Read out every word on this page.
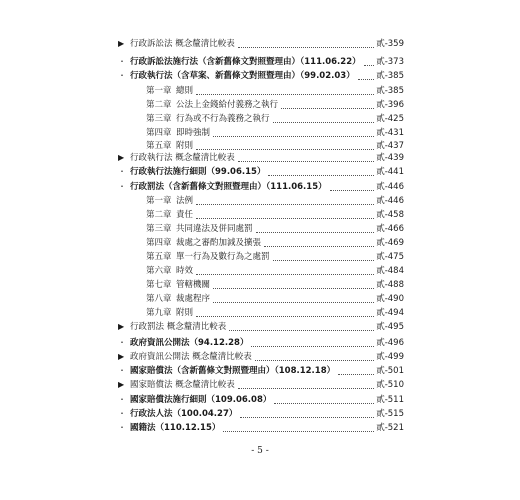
▶ 行政訴訟法 概念釐清比較表	貳-359
・ 行政訴訟法施行法（含新舊條文對照暨理由）（111.06.22） 貳-373
・ 行政執行法（含草案、新舊條文對照暨理由）（99.02.03）	貳-385
第一章 總則	貳-385
第二章 公法上金錢給付義務之執行	貳-396
第三章 行為或不行為義務之執行	貳-425
第四章 即時強制	貳-431
第五章 附則	貳-437
▶ 行政執行法 概念釐清比較表	貳-439
・ 行政執行法施行細則（99.06.15）	貳-441
・ 行政罰法（含新舊條文對照暨理由）（111.06.15）	貳-446
第一章 法例	貳-446
第二章 責任	貳-458
第三章 共同違法及併同處罰	貳-466
第四章 裁處之審酌加減及擴張	貳-469
第五章 單一行為及數行為之處罰	貳-475
第六章 時效	貳-484
第七章 管轄機關	貳-488
第八章 裁處程序	貳-490
第九章 附則	貳-494
▶ 行政罰法 概念釐清比較表	貳-495
・ 政府資訊公開法（94.12.28）	貳-496
▶ 政府資訊公開法 概念釐清比較表	貳-499
・ 國家賠償法（含新舊條文對照暨理由）（108.12.18）	貳-501
▶ 國家賠償法 概念釐清比較表	貳-510
・ 國家賠償法施行細則（109.06.08）	貳-511
・ 行政法人法（100.04.27）	貳-515
・ 國籍法（110.12.15）	貳-521
- 5 -
